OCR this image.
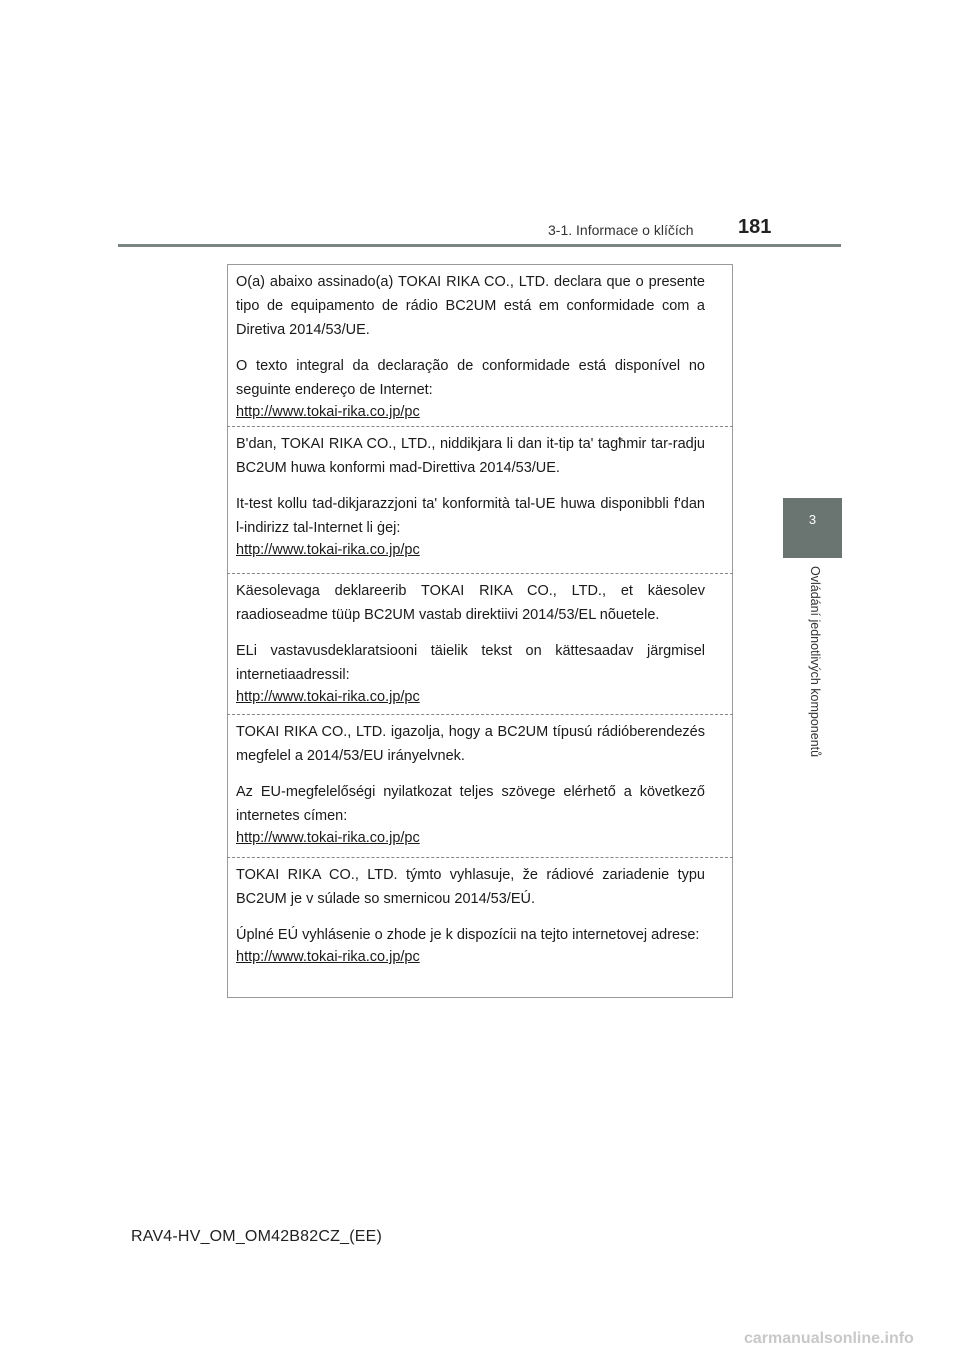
3-1. Informace o klíčích 181
3
Ovládání jednotlivých komponentů

O(a) abaixo assinado(a) TOKAI RIKA CO., LTD. declara que o presente tipo de equipamento de rádio BC2UM está em conformidade com a Diretiva 2014/53/UE.

O texto integral da declaração de conformidade está disponível no seguinte endereço de Internet:

http://www.tokai-rika.co.jp/pc

B'dan, TOKAI RIKA CO., LTD., niddikjara li dan it-tip ta' tagħmir tar-radju BC2UM huwa konformi mad-Direttiva 2014/53/UE.

It-test kollu tad-dikjarazzjoni ta' konformità tal-UE huwa disponibbli f'dan l-indirizz tal-Internet li ġej:

http://www.tokai-rika.co.jp/pc

Käesolevaga deklareerib TOKAI RIKA CO., LTD., et käesolev raadioseadme tüüp BC2UM vastab direktiivi 2014/53/EL nõuetele.

ELi vastavusdeklaratsiooni täielik tekst on kättesaadav järgmisel internetiaadressil:

http://www.tokai-rika.co.jp/pc

TOKAI RIKA CO., LTD. igazolja, hogy a BC2UM típusú rádióberendezés megfelel a 2014/53/EU irányelvnek.

Az EU-megfelelőségi nyilatkozat teljes szövege elérhető a következő internetes címen:

http://www.tokai-rika.co.jp/pc

TOKAI RIKA CO., LTD. týmto vyhlasuje, že rádiové zariadenie typu BC2UM je v súlade so smernicou 2014/53/EÚ.

Úplné EÚ vyhlásenie o zhode je k dispozícii na tejto internetovej adrese:

http://www.tokai-rika.co.jp/pc
RAV4-HV_OM_OM42B82CZ_(EE)
carmanualsonline.info
